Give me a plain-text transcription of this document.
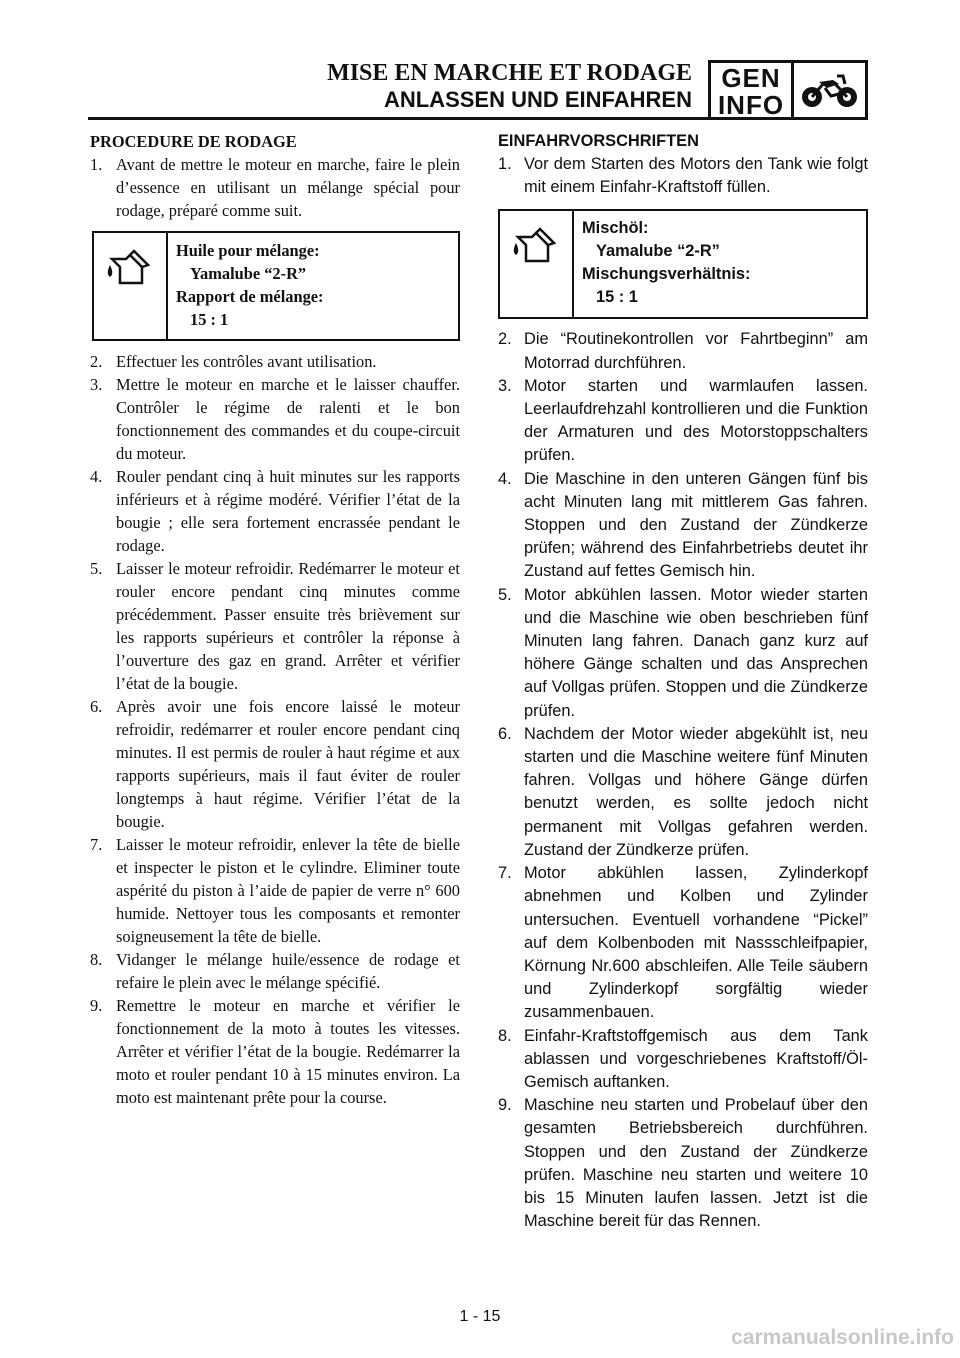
MISE EN MARCHE ET RODAGE
ANLASSEN UND EINFAHREN
GEN
INFO

PROCEDURE DE RODAGE

1. Avant de mettre le moteur en marche, faire le plein d’essence en utilisant un mélange spécial pour rodage, préparé comme suit.
Huile pour mélange:
Yamalube “2-R”
Rapport de mélange:
15 : 1
2. Effectuer les contrôles avant utilisation.
3. Mettre le moteur en marche et le laisser chauffer. Contrôler le régime de ralenti et le bon fonctionnement des commandes et du coupe-circuit du moteur.
4. Rouler pendant cinq à huit minutes sur les rapports inférieurs et à régime modéré. Vérifier l’état de la bougie ; elle sera fortement encrassée pendant le rodage.
5. Laisser le moteur refroidir. Redémarrer le moteur et rouler encore pendant cinq minutes comme précédemment. Passer ensuite très brièvement sur les rapports supérieurs et contrôler la réponse à l’ouverture des gaz en grand. Arrêter et vérifier l’état de la bougie.
6. Après avoir une fois encore laissé le moteur refroidir, redémarrer et rouler encore pendant cinq minutes. Il est permis de rouler à haut régime et aux rapports supérieurs, mais il faut éviter de rouler longtemps à haut régime. Vérifier l’état de la bougie.
7. Laisser le moteur refroidir, enlever la tête de bielle et inspecter le piston et le cylindre. Eliminer toute aspérité du piston à l’aide de papier de verre n° 600 humide. Nettoyer tous les composants et remonter soigneusement la tête de bielle.
8. Vidanger le mélange huile/essence de rodage et refaire le plein avec le mélange spécifié.
9. Remettre le moteur en marche et vérifier le fonctionnement de la moto à toutes les vitesses. Arrêter et vérifier l’état de la bougie. Redémarrer la moto et rouler pendant 10 à 15 minutes environ. La moto est maintenant prête pour la course.

EINFAHRVORSCHRIFTEN

1. Vor dem Starten des Motors den Tank wie folgt mit einem Einfahr-Kraftstoff füllen.
Mischöl:
Yamalube “2-R”
Mischungsverhältnis:
15 : 1
2. Die “Routinekontrollen vor Fahrtbeginn” am Motorrad durchführen.
3. Motor starten und warmlaufen lassen. Leerlaufdrehzahl kontrollieren und die Funktion der Armaturen und des Motorstoppschalters prüfen.
4. Die Maschine in den unteren Gängen fünf bis acht Minuten lang mit mittlerem Gas fahren. Stoppen und den Zustand der Zündkerze prüfen; während des Einfahrbetriebs deutet ihr Zustand auf fettes Gemisch hin.
5. Motor abkühlen lassen. Motor wieder starten und die Maschine wie oben beschrieben fünf Minuten lang fahren. Danach ganz kurz auf höhere Gänge schalten und das Ansprechen auf Vollgas prüfen. Stoppen und die Zündkerze prüfen.
6. Nachdem der Motor wieder abgekühlt ist, neu starten und die Maschine weitere fünf Minuten fahren. Vollgas und höhere Gänge dürfen benutzt werden, es sollte jedoch nicht permanent mit Vollgas gefahren werden. Zustand der Zündkerze prüfen.
7. Motor abkühlen lassen, Zylinderkopf abnehmen und Kolben und Zylinder untersuchen. Eventuell vorhandene “Pickel” auf dem Kolbenboden mit Nassschleifpapier, Körnung Nr.600 abschleifen. Alle Teile säubern und Zylinderkopf sorgfältig wieder zusammenbauen.
8. Einfahr-Kraftstoffgemisch aus dem Tank ablassen und vorgeschriebenes Kraftstoff/Öl-Gemisch auftanken.
9. Maschine neu starten und Probelauf über den gesamten Betriebsbereich durchführen. Stoppen und den Zustand der Zündkerze prüfen. Maschine neu starten und weitere 10 bis 15 Minuten laufen lassen. Jetzt ist die Maschine bereit für das Rennen.
1 - 15
carmanualsonline.info
